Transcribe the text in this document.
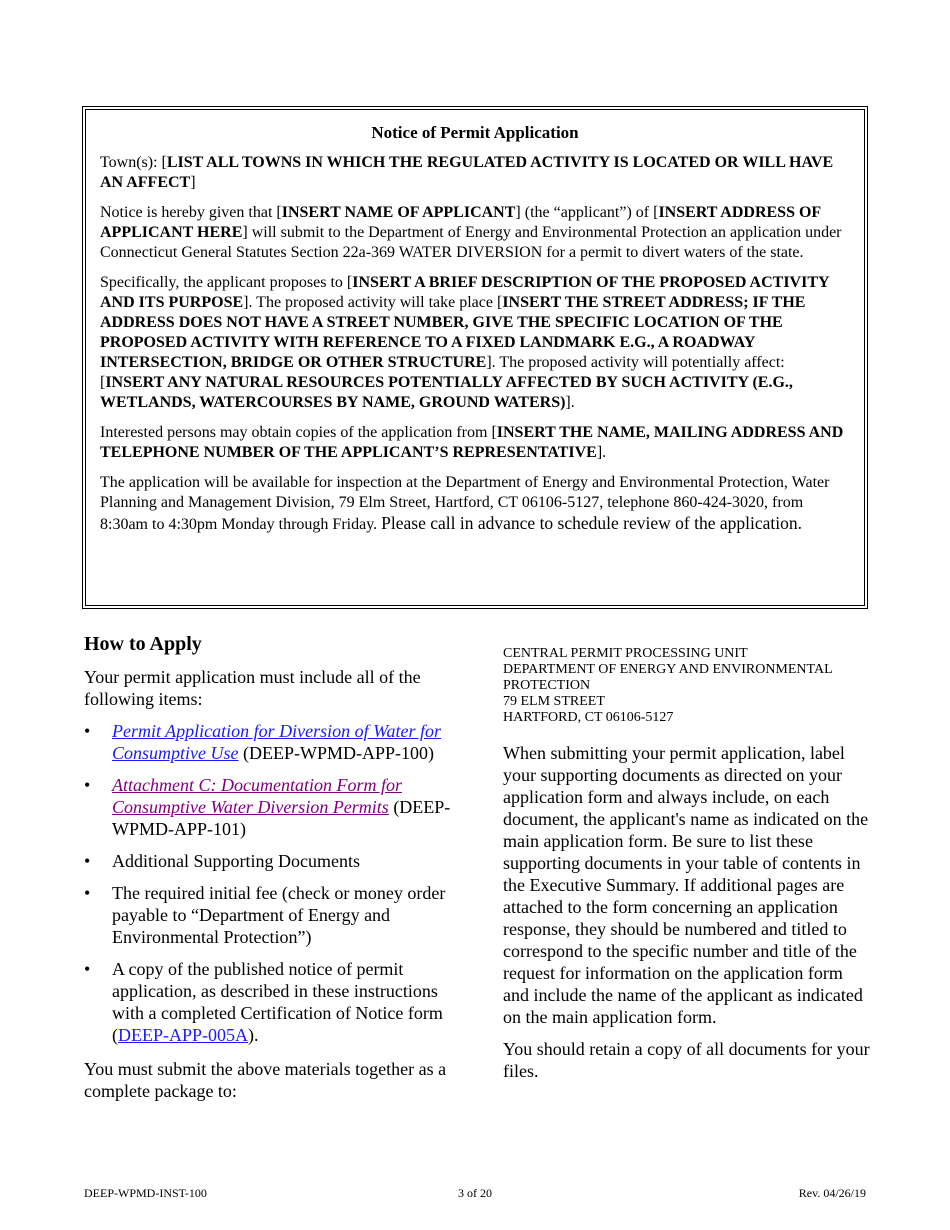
Notice of Permit Application

Town(s): [LIST ALL TOWNS IN WHICH THE REGULATED ACTIVITY IS LOCATED OR WILL HAVE AN AFFECT]

Notice is hereby given that [INSERT NAME OF APPLICANT] (the “applicant”) of [INSERT ADDRESS OF APPLICANT HERE] will submit to the Department of Energy and Environmental Protection an application under Connecticut General Statutes Section 22a-369 WATER DIVERSION for a permit to divert waters of the state.

Specifically, the applicant proposes to [INSERT A BRIEF DESCRIPTION OF THE PROPOSED ACTIVITY AND ITS PURPOSE]. The proposed activity will take place [INSERT THE STREET ADDRESS; IF THE ADDRESS DOES NOT HAVE A STREET NUMBER, GIVE THE SPECIFIC LOCATION OF THE PROPOSED ACTIVITY WITH REFERENCE TO A FIXED LANDMARK E.G., A ROADWAY INTERSECTION, BRIDGE OR OTHER STRUCTURE]. The proposed activity will potentially affect: [INSERT ANY NATURAL RESOURCES POTENTIALLY AFFECTED BY SUCH ACTIVITY (E.G., WETLANDS, WATERCOURSES BY NAME, GROUND WATERS)].

Interested persons may obtain copies of the application from [INSERT THE NAME, MAILING ADDRESS AND TELEPHONE NUMBER OF THE APPLICANT’S REPRESENTATIVE].

The application will be available for inspection at the Department of Energy and Environmental Protection, Water Planning and Management Division, 79 Elm Street, Hartford, CT 06106-5127, telephone 860-424-3020, from 8:30am to 4:30pm Monday through Friday. Please call in advance to schedule review of the application.

How to Apply

Your permit application must include all of the following items:

• Permit Application for Diversion of Water for Consumptive Use (DEEP-WPMD-APP-100)
• Attachment C: Documentation Form for Consumptive Water Diversion Permits (DEEP-WPMD-APP-101)
• Additional Supporting Documents
• The required initial fee (check or money order payable to “Department of Energy and Environmental Protection”)
• A copy of the published notice of permit application, as described in these instructions with a completed Certification of Notice form (DEEP-APP-005A).

You must submit the above materials together as a complete package to:

CENTRAL PERMIT PROCESSING UNIT
DEPARTMENT OF ENERGY AND ENVIRONMENTAL PROTECTION
79 ELM STREET
HARTFORD, CT 06106-5127

When submitting your permit application, label your supporting documents as directed on your application form and always include, on each document, the applicant's name as indicated on the main application form. Be sure to list these supporting documents in your table of contents in the Executive Summary. If additional pages are attached to the form concerning an application response, they should be numbered and titled to correspond to the specific number and title of the request for information on the application form and include the name of the applicant as indicated on the main application form.

You should retain a copy of all documents for your files.

DEEP-WPMD-INST-100	3 of 20	Rev. 04/26/19
